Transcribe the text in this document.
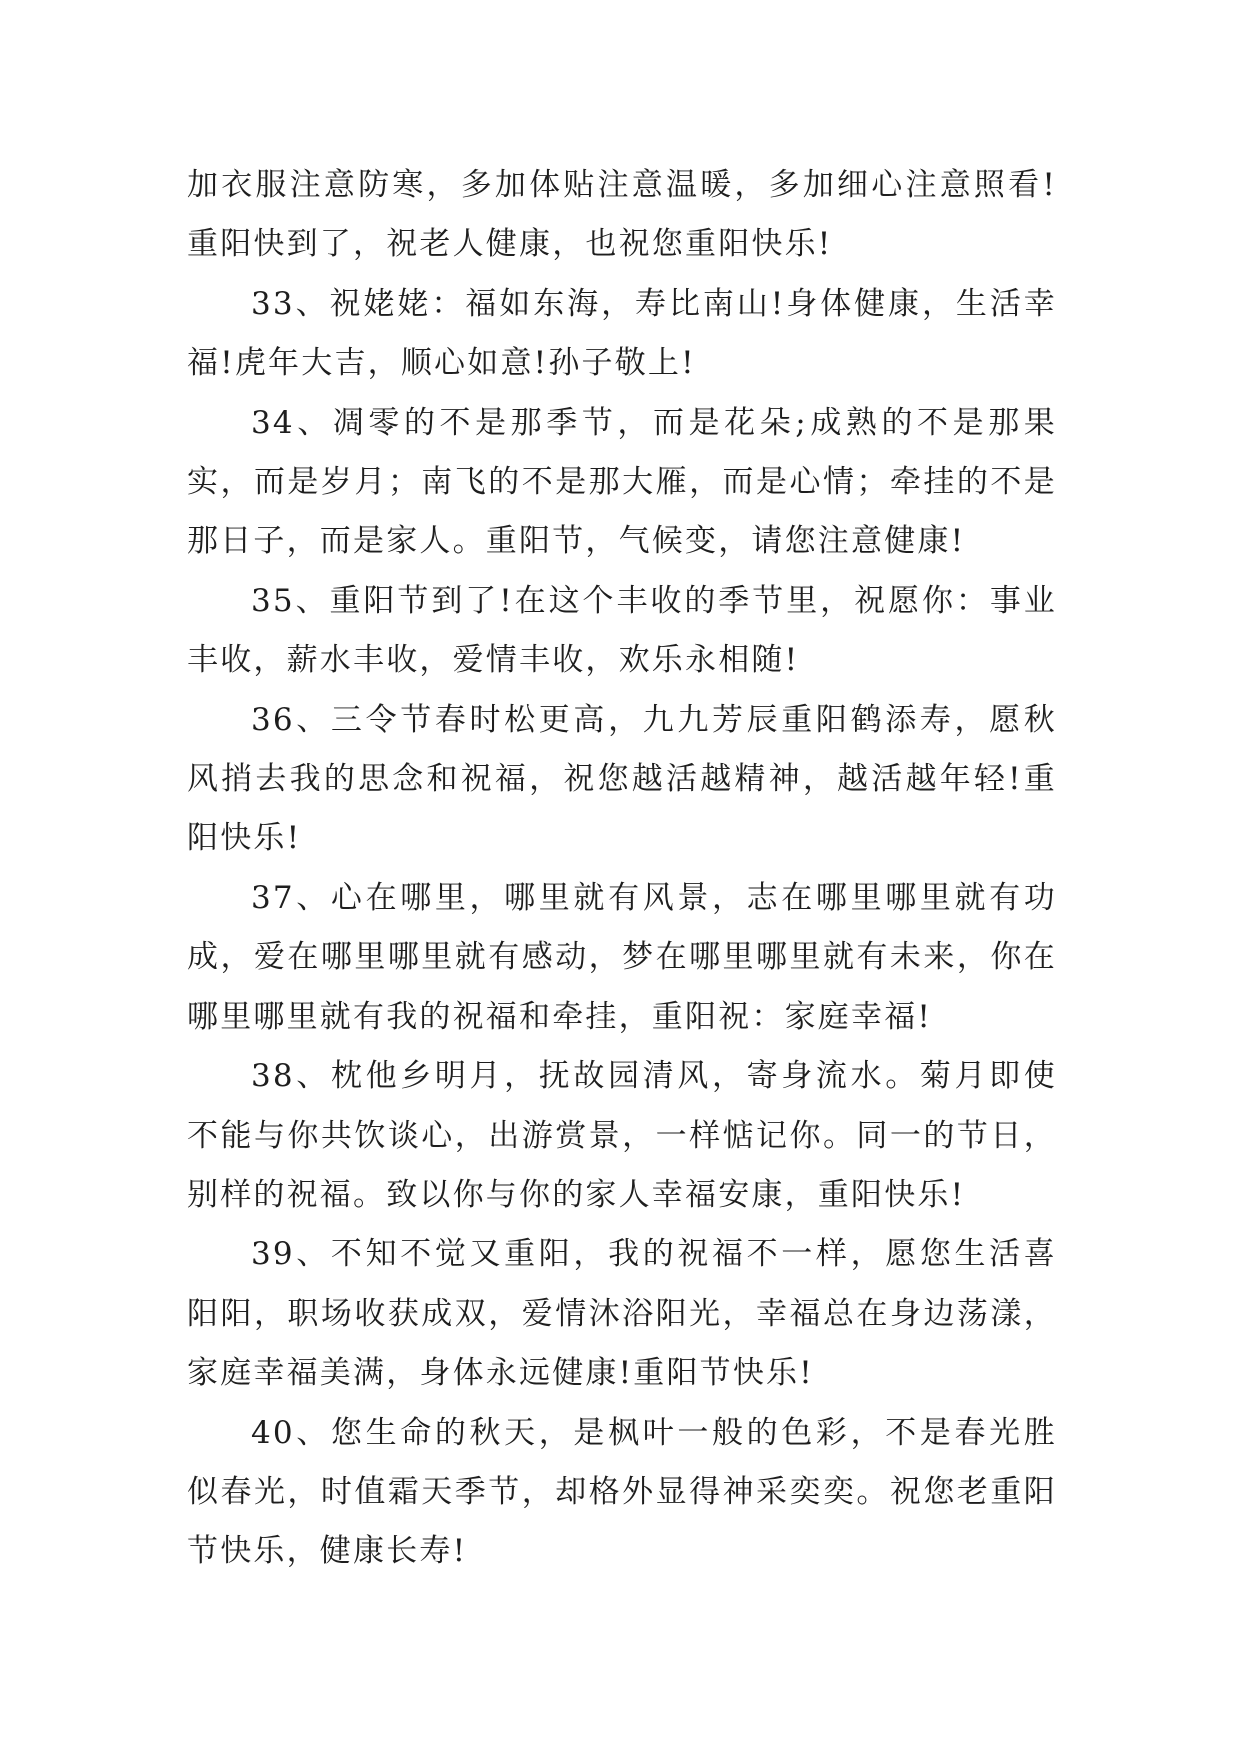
加衣服注意防寒，多加体贴注意温暖，多加细心注意照看!重阳快到了，祝老人健康，也祝您重阳快乐!

33、祝姥姥：福如东海，寿比南山!身体健康，生活幸福!虎年大吉，顺心如意!孙子敬上!

34、凋零的不是那季节，而是花朵;成熟的不是那果实，而是岁月；南飞的不是那大雁，而是心情；牵挂的不是那日子，而是家人。重阳节，气候变，请您注意健康!

35、重阳节到了!在这个丰收的季节里，祝愿你：事业丰收，薪水丰收，爱情丰收，欢乐永相随!

36、三令节春时松更高，九九芳辰重阳鹤添寿，愿秋风捎去我的思念和祝福，祝您越活越精神，越活越年轻!重阳快乐!

37、心在哪里，哪里就有风景，志在哪里哪里就有功成，爱在哪里哪里就有感动，梦在哪里哪里就有未来，你在哪里哪里就有我的祝福和牵挂，重阳祝：家庭幸福!

38、枕他乡明月，抚故园清风，寄身流水。菊月即使不能与你共饮谈心，出游赏景，一样惦记你。同一的节日，别样的祝福。致以你与你的家人幸福安康，重阳快乐!

39、不知不觉又重阳，我的祝福不一样，愿您生活喜阳阳，职场收获成双，爱情沐浴阳光，幸福总在身边荡漾，家庭幸福美满，身体永远健康!重阳节快乐!

40、您生命的秋天，是枫叶一般的色彩，不是春光胜似春光，时值霜天季节，却格外显得神采奕奕。祝您老重阳节快乐，健康长寿!
